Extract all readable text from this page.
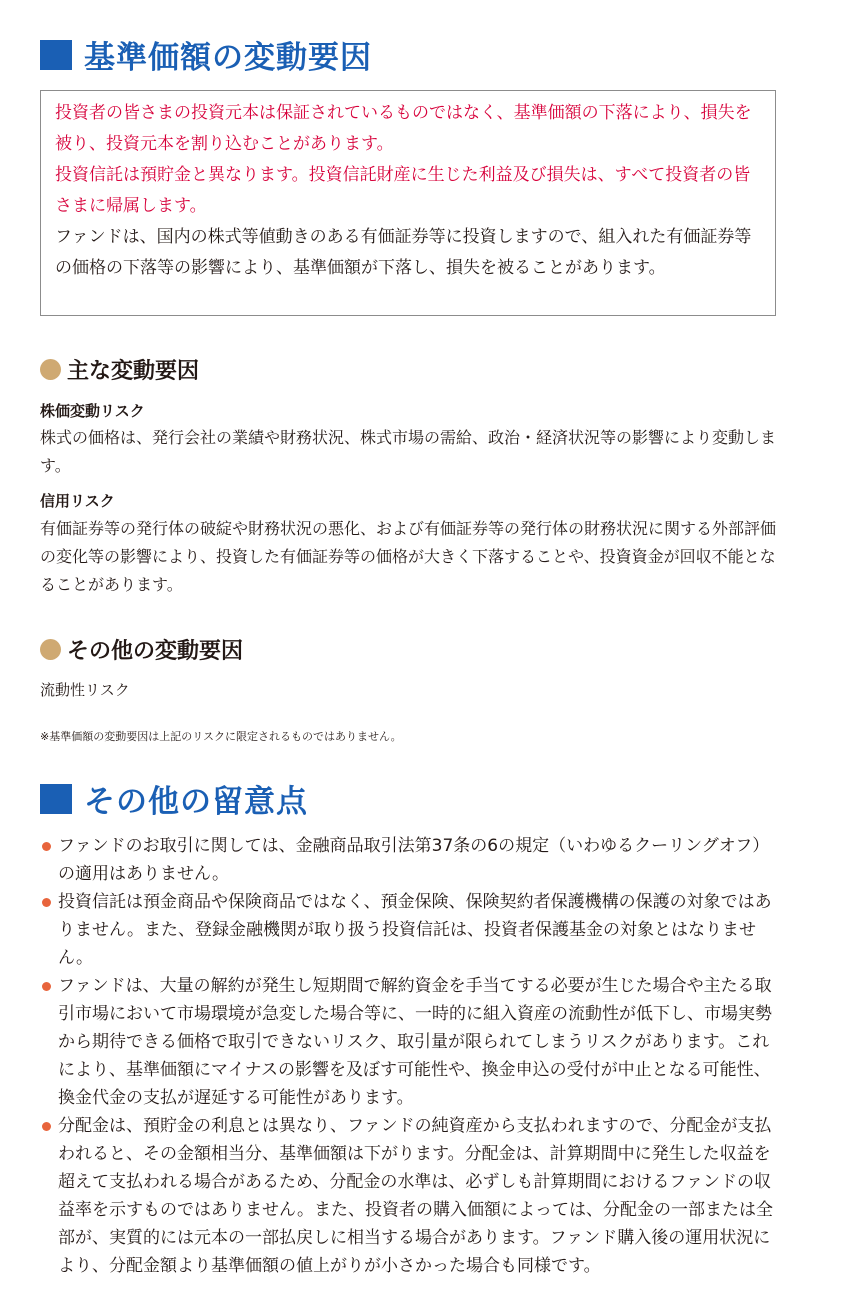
基準価額の変動要因

投資者の皆さまの投資元本は保証されているものではなく、基準価額の下落により、損失を被り、投資元本を割り込むことがあります。

投資信託は預貯金と異なります。投資信託財産に生じた利益及び損失は、すべて投資者の皆さまに帰属します。

ファンドは、国内の株式等値動きのある有価証券等に投資しますので、組入れた有価証券等の価格の下落等の影響により、基準価額が下落し、損失を被ることがあります。

主な変動要因
株価変動リスク

株式の価格は、発行会社の業績や財務状況、株式市場の需給、政治・経済状況等の影響により変動します。

信用リスク

有価証券等の発行体の破綻や財務状況の悪化、および有価証券等の発行体の財務状況に関する外部評価の変化等の影響により、投資した有価証券等の価格が大きく下落することや、投資資金が回収不能となることがあります。

その他の変動要因

流動性リスク

※基準価額の変動要因は上記のリスクに限定されるものではありません。
その他の留意点
ファンドのお取引に関しては、金融商品取引法第37条の6の規定（いわゆるクーリングオフ）の適用はありません。
投資信託は預金商品や保険商品ではなく、預金保険、保険契約者保護機構の保護の対象ではありません。また、登録金融機関が取り扱う投資信託は、投資者保護基金の対象とはなりません。
ファンドは、大量の解約が発生し短期間で解約資金を手当てする必要が生じた場合や主たる取引市場において市場環境が急変した場合等に、一時的に組入資産の流動性が低下し、市場実勢から期待できる価格で取引できないリスク、取引量が限られてしまうリスクがあります。これにより、基準価額にマイナスの影響を及ぼす可能性や、換金申込の受付が中止となる可能性、換金代金の支払が遅延する可能性があります。
分配金は、預貯金の利息とは異なり、ファンドの純資産から支払われますので、分配金が支払われると、その金額相当分、基準価額は下がります。分配金は、計算期間中に発生した収益を超えて支払われる場合があるため、分配金の水準は、必ずしも計算期間におけるファンドの収益率を示すものではありません。また、投資者の購入価額によっては、分配金の一部または全部が、実質的には元本の一部払戻しに相当する場合があります。ファンド購入後の運用状況により、分配金額より基準価額の値上がりが小さかった場合も同様です。
